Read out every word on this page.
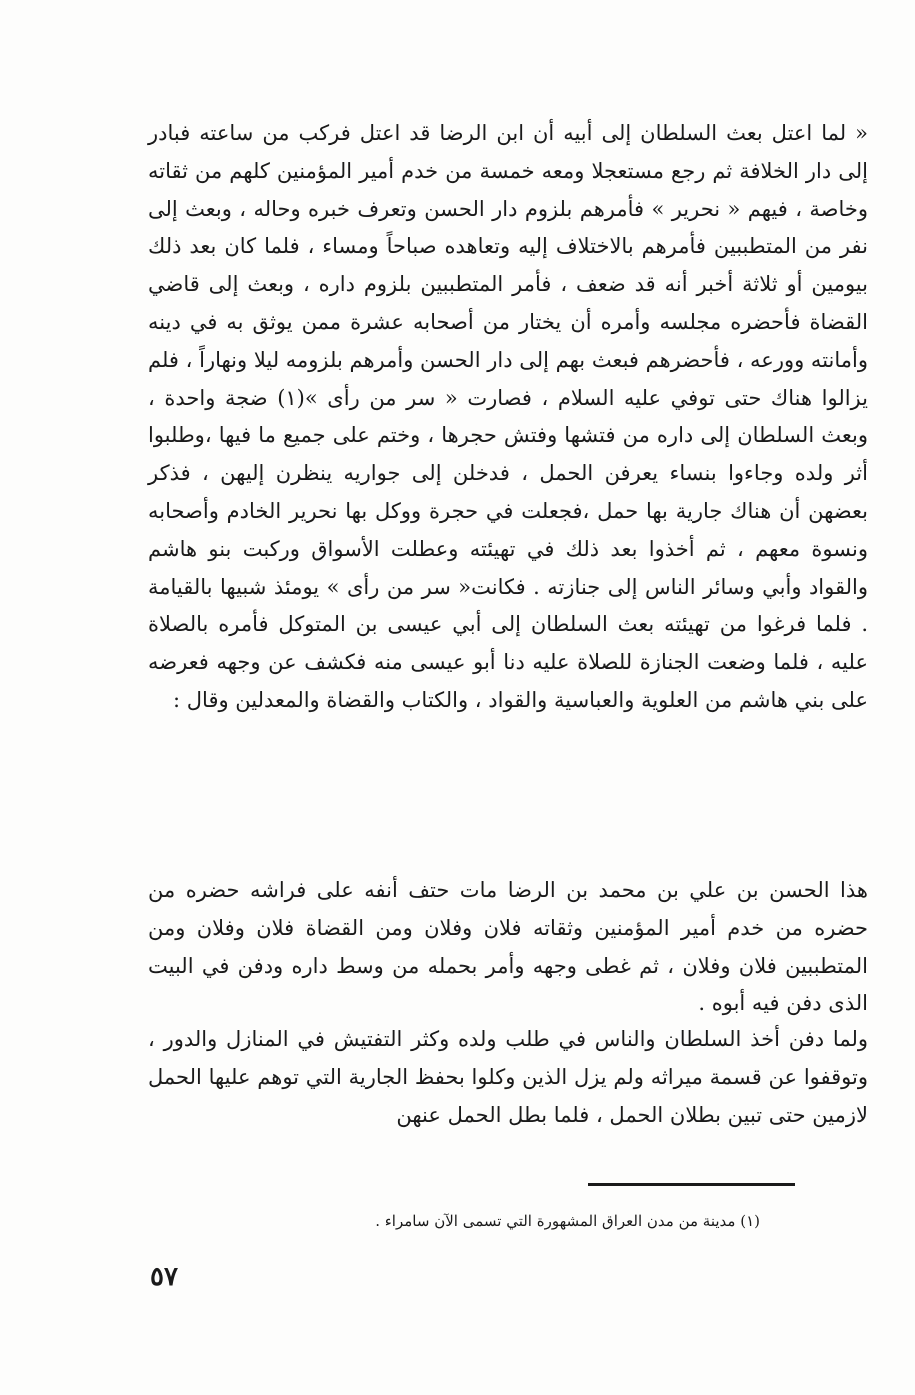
« لما اعتل بعث السلطان إلى أبيه أن ابن الرضا قد اعتل فركب من ساعته فبادر إلى دار الخلافة ثم رجع مستعجلا ومعه خمسة من خدم أمير المؤمنين كلهم من ثقاته وخاصة ، فيهم « نحرير » فأمرهم بلزوم دار الحسن وتعرف خبره وحاله ، وبعث إلى نفر من المتطببين فأمرهم بالاختلاف إليه وتعاهده صباحاً ومساء ، فلما كان بعد ذلك بيومين أو ثلاثة أخبر أنه قد ضعف ، فأمر المتطببين بلزوم داره ، وبعث إلى قاضي القضاة فأحضره مجلسه وأمره أن يختار من أصحابه عشرة ممن يوثق به في دينه وأمانته وورعه ، فأحضرهم فبعث بهم إلى دار الحسن وأمرهم بلزومه ليلا ونهاراً ، فلم يزالوا هناك حتى توفي عليه السلام ، فصارت « سر من رأى »(١) ضجة واحدة ، وبعث السلطان إلى داره من فتشها وفتش حجرها ، وختم على جميع ما فيها ،وطلبوا أثر ولده وجاءوا بنساء يعرفن الحمل ، فدخلن إلى جواريه ينظرن إليهن ، فذكر بعضهن أن هناك جارية بها حمل ،فجعلت في حجرة ووكل بها نحرير الخادم وأصحابه ونسوة معهم ، ثم أخذوا بعد ذلك في تهيئته وعطلت الأسواق وركبت بنو هاشم والقواد وأبي وسائر الناس إلى جنازته . فكانت« سر من رأى » يومئذ شبيها بالقيامة . فلما فرغوا من تهيئته بعث السلطان إلى أبي عيسى بن المتوكل فأمره بالصلاة عليه ، فلما وضعت الجنازة للصلاة عليه دنا أبو عيسى منه فكشف عن وجهه فعرضه على بني هاشم من العلوية والعباسية والقواد ، والكتاب والقضاة والمعدلين وقال :

هذا الحسن بن علي بن محمد بن الرضا مات حتف أنفه على فراشه حضره من حضره من خدم أمير المؤمنين وثقاته فلان وفلان ومن القضاة فلان وفلان ومن المتطببين فلان وفلان ، ثم غطى وجهه وأمر بحمله من وسط داره ودفن في البيت الذى دفن فيه أبوه .

ولما دفن أخذ السلطان والناس في طلب ولده وكثر التفتيش في المنازل والدور ، وتوقفوا عن قسمة ميراثه ولم يزل الذين وكلوا بحفظ الجارية التي توهم عليها الحمل لازمين حتى تبين بطلان الحمل ، فلما بطل الحمل عنهن

(١) مدينة من مدن العراق المشهورة التي تسمى الآن سامراء .
٥٧
